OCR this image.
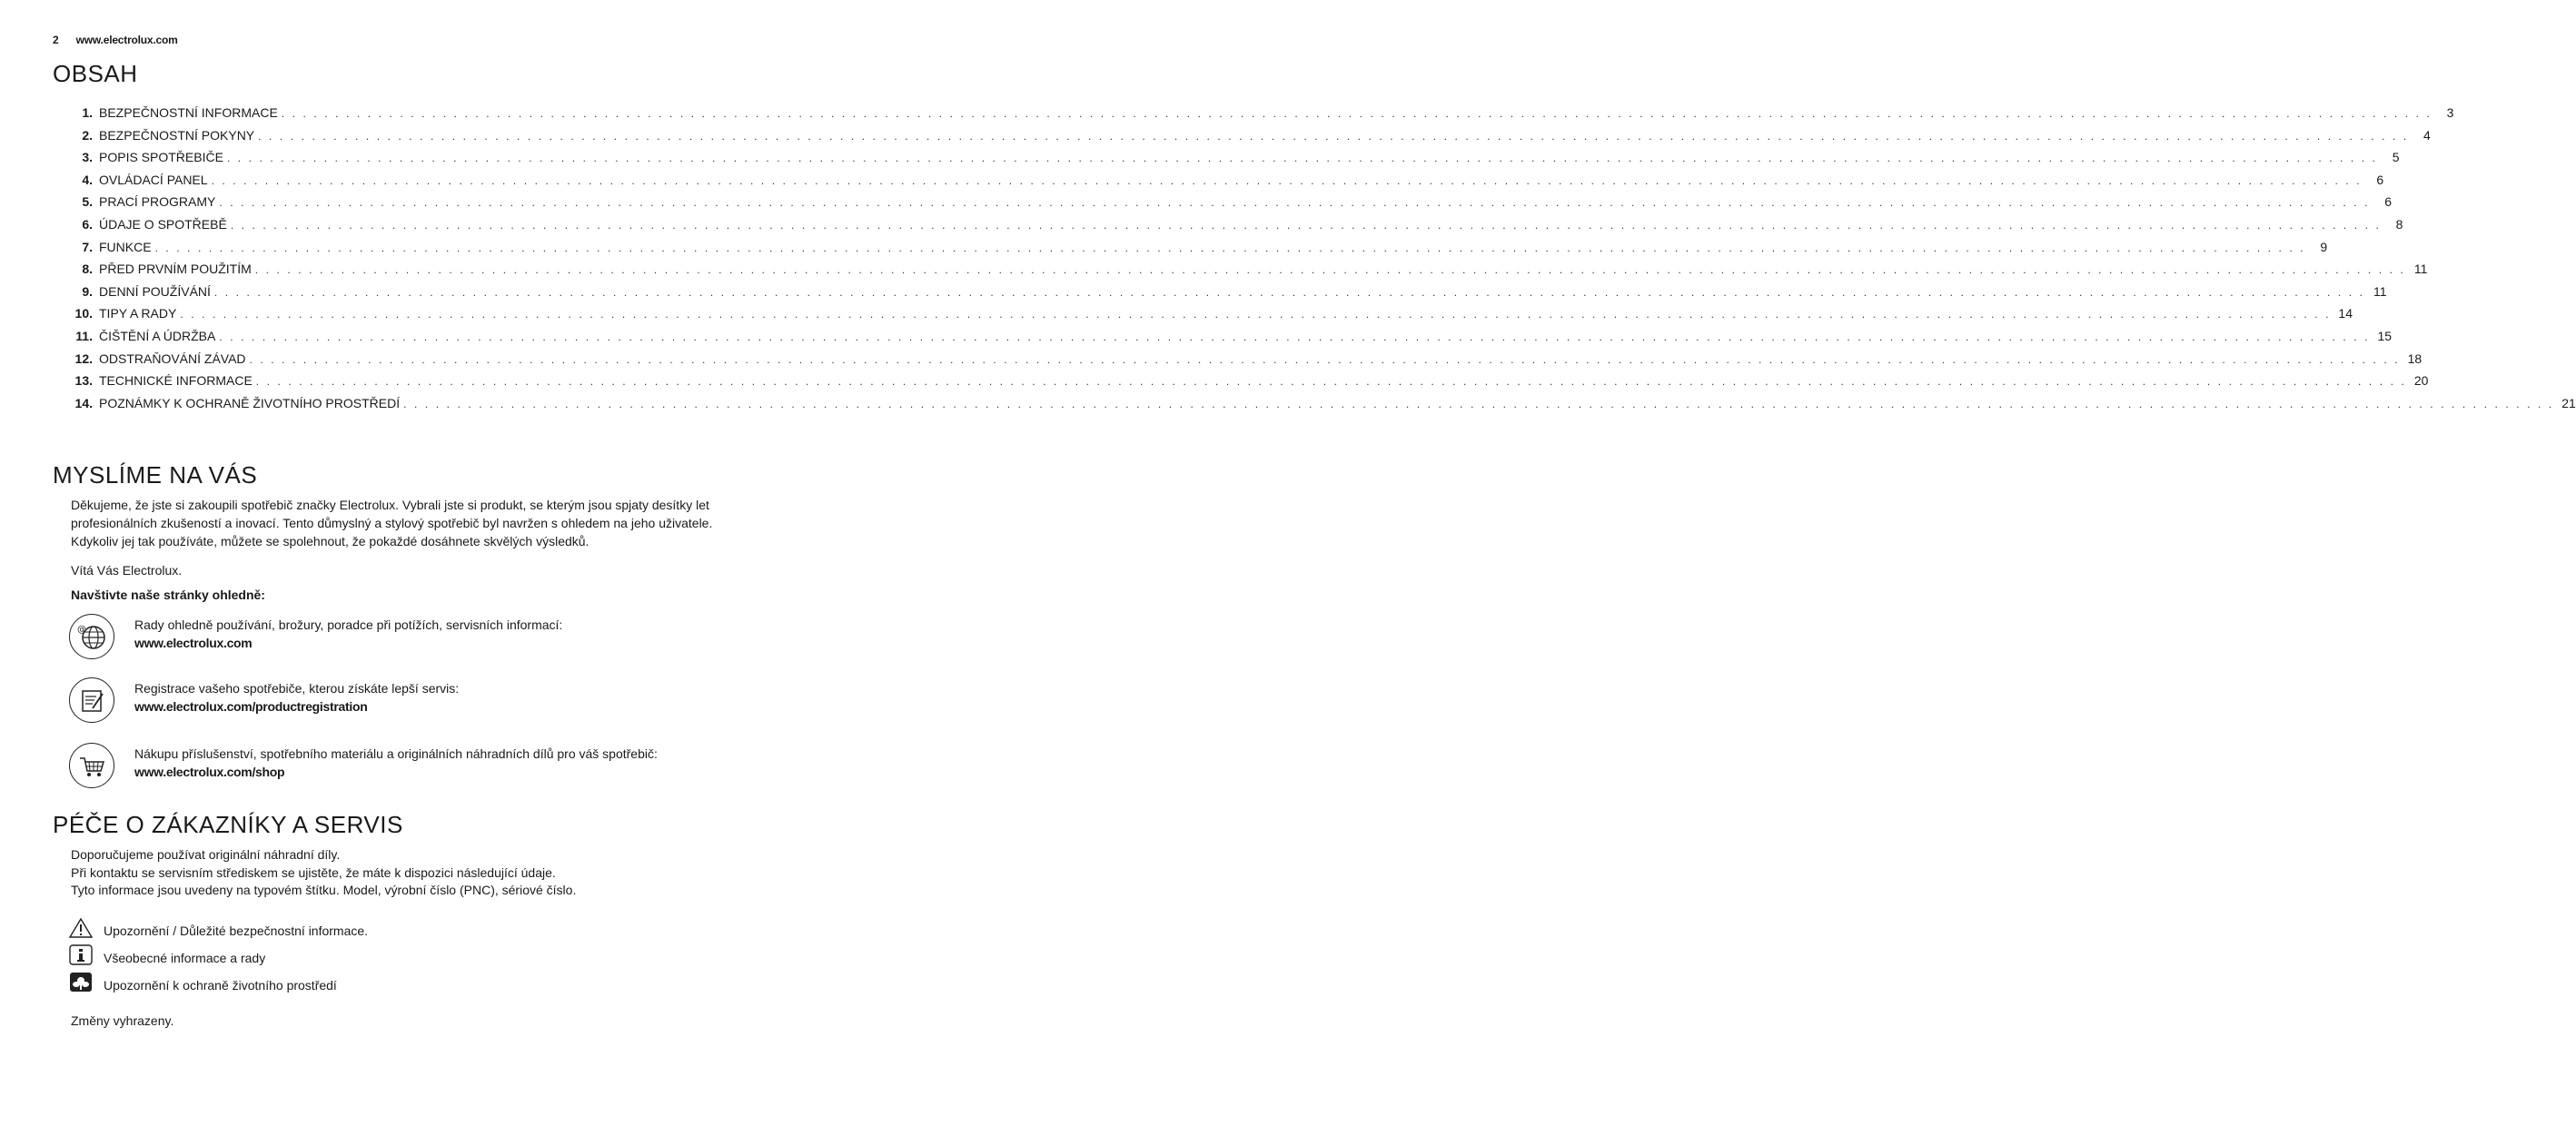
2 www.electrolux.com
OBSAH
1. BEZPEČNOSTNÍ INFORMACE . . . . . . . . . . . . . . . . . . . . . . . . . . . . . . . . . . . . . . . . . . . . . . . . . . . . . . . . . . . . . . . . . . . . . . . . . . . . . . . . . . . . . . . . . . . . . . . . . . . . . . . . . . . . . . . . . . . . . . . . . . . . . . . . . . . . . . . . . . . . . . . . . . . . . . . . . . . . . . . . . . . . . . . . . . . . . . . . . . . . . . . . . . . . . . . . . . . . . . . .	3
2. BEZPEČNOSTNÍ POKYNY . . . . . . . . . . . . . . . . . . . . . . . . . . . . . . . . . . . . . . . . . . . . . . . . . . . . . . . . . . . . . . . . . . . . . . . . . . . . . . . . . . . . . . . . . . . . . . . . . . . . . . . . . . . . . . . . . . . . . . . . . . . . . . . . . . . . . . . . . . . . . . . . . . . . . . . . . . . . . . . . . . . . . . . . . . . . . . . . . . . . . . . . . . . . . . . . . . . . . . . .	4
3. POPIS SPOTŘEBIČE . . . . . . . . . . . . . . . . . . . . . . . . . . . . . . . . . . . . . . . . . . . . . . . . . . . . . . . . . . . . . . . . . . . . . . . . . . . . . . . . . . . . . . . . . . . . . . . . . . . . . . . . . . . . . . . . . . . . . . . . . . . . . . . . . . . . . . . . . . . . . . . . . . . . . . . . . . . . . . . . . . . . . . . . . . . . . . . . . . . . . . . . . . . . . . . . . . . . . . . .	5
4. OVLÁDACÍ PANEL . . . . . . . . . . . . . . . . . . . . . . . . . . . . . . . . . . . . . . . . . . . . . . . . . . . . . . . . . . . . . . . . . . . . . . . . . . . . . . . . . . . . . . . . . . . . . . . . . . . . . . . . . . . . . . . . . . . . . . . . . . . . . . . . . . . . . . . . . . . . . . . . . . . . . . . . . . . . . . . . . . . . . . . . . . . . . . . . . . . . . . . . . . . . . . . . . . . . . . . .	6
5. PRACÍ PROGRAMY . . . . . . . . . . . . . . . . . . . . . . . . . . . . . . . . . . . . . . . . . . . . . . . . . . . . . . . . . . . . . . . . . . . . . . . . . . . . . . . . . . . . . . . . . . . . . . . . . . . . . . . . . . . . . . . . . . . . . . . . . . . . . . . . . . . . . . . . . . . . . . . . . . . . . . . . . . . . . . . . . . . . . . . . . . . . . . . . . . . . . . . . . . . . . . . . . . . . . . . .	6
6. ÚDAJE O SPOTŘEBĚ . . . . . . . . . . . . . . . . . . . . . . . . . . . . . . . . . . . . . . . . . . . . . . . . . . . . . . . . . . . . . . . . . . . . . . . . . . . . . . . . . . . . . . . . . . . . . . . . . . . . . . . . . . . . . . . . . . . . . . . . . . . . . . . . . . . . . . . . . . . . . . . . . . . . . . . . . . . . . . . . . . . . . . . . . . . . . . . . . . . . . . . . . . . . . . . . . . . . . . . .	8
7. FUNKCE . . . . . . . . . . . . . . . . . . . . . . . . . . . . . . . . . . . . . . . . . . . . . . . . . . . . . . . . . . . . . . . . . . . . . . . . . . . . . . . . . . . . . . . . . . . . . . . . . . . . . . . . . . . . . . . . . . . . . . . . . . . . . . . . . . . . . . . . . . . . . . . . . . . . . . . . . . . . . . . . . . . . . . . . . . . . . . . . . . . . . . . . . . . . . . . . . . . . . . . .	9
8. PŘED PRVNÍM POUŽITÍM . . . . . . . . . . . . . . . . . . . . . . . . . . . . . . . . . . . . . . . . . . . . . . . . . . . . . . . . . . . . . . . . . . . . . . . . . . . . . . . . . . . . . . . . . . . . . . . . . . . . . . . . . . . . . . . . . . . . . . . . . . . . . . . . . . . . . . . . . . . . . . . . . . . . . . . . . . . . . . . . . . . . . . . . . . . . . . . . . . . . . . . . . . . . . . . . . . . . . . . . 11
9. DENNÍ POUŽÍVÁNÍ . . . . . . . . . . . . . . . . . . . . . . . . . . . . . . . . . . . . . . . . . . . . . . . . . . . . . . . . . . . . . . . . . . . . . . . . . . . . . . . . . . . . . . . . . . . . . . . . . . . . . . . . . . . . . . . . . . . . . . . . . . . . . . . . . . . . . . . . . . . . . . . . . . . . . . . . . . . . . . . . . . . . . . . . . . . . . . . . . . . . . . . . . . . . . . . . . . . . . . . . 11
10. TIPY A RADY . . . . . . . . . . . . . . . . . . . . . . . . . . . . . . . . . . . . . . . . . . . . . . . . . . . . . . . . . . . . . . . . . . . . . . . . . . . . . . . . . . . . . . . . . . . . . . . . . . . . . . . . . . . . . . . . . . . . . . . . . . . . . . . . . . . . . . . . . . . . . . . . . . . . . . . . . . . . . . . . . . . . . . . . . . . . . . . . . . . . . . . . . . . . . . . . . . . . . . . . 14
11. ČIŠTĚNÍ A ÚDRŽBA . . . . . . . . . . . . . . . . . . . . . . . . . . . . . . . . . . . . . . . . . . . . . . . . . . . . . . . . . . . . . . . . . . . . . . . . . . . . . . . . . . . . . . . . . . . . . . . . . . . . . . . . . . . . . . . . . . . . . . . . . . . . . . . . . . . . . . . . . . . . . . . . . . . . . . . . . . . . . . . . . . . . . . . . . . . . . . . . . . . . . . . . . . . . . . . . . . . . . . . . 15
12. ODSTRAŇOVÁNÍ ZÁVAD . . . . . . . . . . . . . . . . . . . . . . . . . . . . . . . . . . . . . . . . . . . . . . . . . . . . . . . . . . . . . . . . . . . . . . . . . . . . . . . . . . . . . . . . . . . . . . . . . . . . . . . . . . . . . . . . . . . . . . . . . . . . . . . . . . . . . . . . . . . . . . . . . . . . . . . . . . . . . . . . . . . . . . . . . . . . . . . . . . . . . . . . . . . . . . . . . . . . . . . . 18
13. TECHNICKÉ INFORMACE . . . . . . . . . . . . . . . . . . . . . . . . . . . . . . . . . . . . . . . . . . . . . . . . . . . . . . . . . . . . . . . . . . . . . . . . . . . . . . . . . . . . . . . . . . . . . . . . . . . . . . . . . . . . . . . . . . . . . . . . . . . . . . . . . . . . . . . . . . . . . . . . . . . . . . . . . . . . . . . . . . . . . . . . . . . . . . . . . . . . . . . . . . . . . . . . . . . . . . . . 20
14. POZNÁMKY K OCHRANĚ ŽIVOTNÍHO PROSTŘEDÍ . . . . . . . . . . . . . . . . . . . . . . . . . . . . . . . . . . . . . . . . . . . . . . . . . . . . . . . . . . . . . . . . . . . . . . . . . . . . . . . . . . . . . . . . . . . . . . . . . . . . . . . . . . . . . . . . . . . . . . . . . . . . . . . . . . . . . . . . . . . . . . . . . . . . . . . . . . . . . . . . . . . . . . . . . . . . . . . . . . . . . . . . . . . . . . . . . . . . . . . . 21
MYSLÍME NA VÁS
Děkujeme, že jste si zakoupili spotřebič značky Electrolux. Vybrali jste si produkt, se kterým jsou spjaty desítky let profesionálních zkušeností a inovací. Tento důmyslný a stylový spotřebič byl navržen s ohledem na jeho uživatele. Kdykoliv jej tak používáte, můžete se spolehnout, že pokaždé dosáhnete skvělých výsledků.
Vítá Vás Electrolux.
Navštivte naše stránky ohledně:
@	Rady ohledně používání, brožury, poradce při potížích, servisních informací:
www.electrolux.com
Registrace vašeho spotřebiče, kterou získáte lepší servis:
www.electrolux.com/productregistration
Nákupu příslušenství, spotřebního materiálu a originálních náhradních dílů pro váš spotřebič:
www.electrolux.com/shop
PÉČE O ZÁKAZNÍKY A SERVIS
Doporučujeme používat originální náhradní díly.
Při kontaktu se servisním střediskem se ujistěte, že máte k dispozici následující údaje.
Tyto informace jsou uvedeny na typovém štítku. Model, výrobní číslo (PNC), sériové číslo.
Upozornění / Důležité bezpečnostní informace.
Všeobecné informace a rady
Upozornění k ochraně životního prostředí
Změny vyhrazeny.
